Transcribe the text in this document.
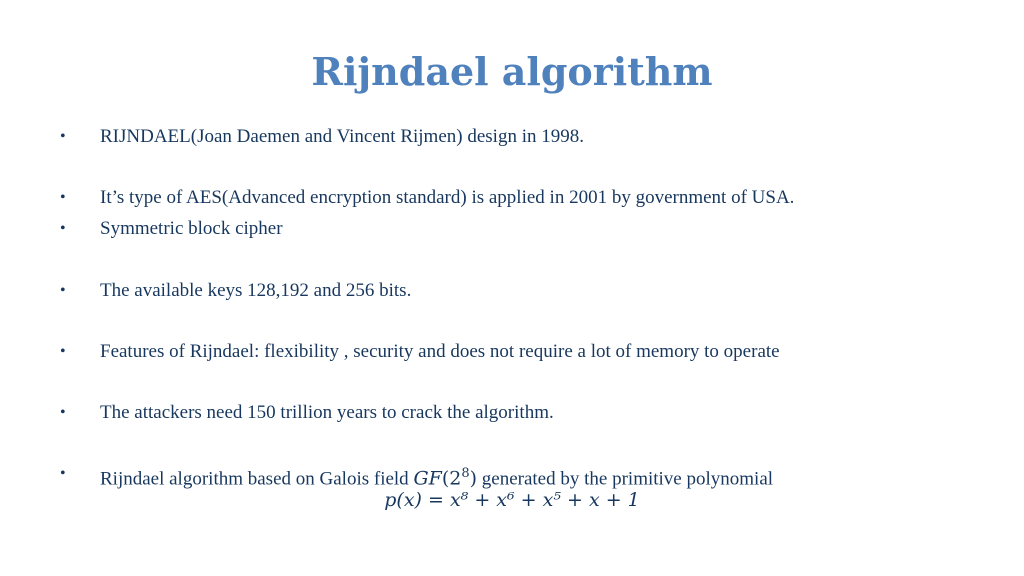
Rijndael algorithm
•	RIJNDAEL(Joan Daemen and Vincent Rijmen) design in 1998.
•	It’s type of AES(Advanced encryption standard) is applied in 2001 by government of USA.
•	Symmetric block cipher
•	The available keys 128,192 and 256 bits.
•	Features of Rijndael: flexibility , security and does not require a lot of memory to operate
•	The attackers need 150 trillion years to crack the algorithm.
•	Rijndael algorithm based on Galois field $GF(2^8)$ generated by the primitive polynomial
p(x) = x⁸ + x⁶ + x⁵ + x + 1
